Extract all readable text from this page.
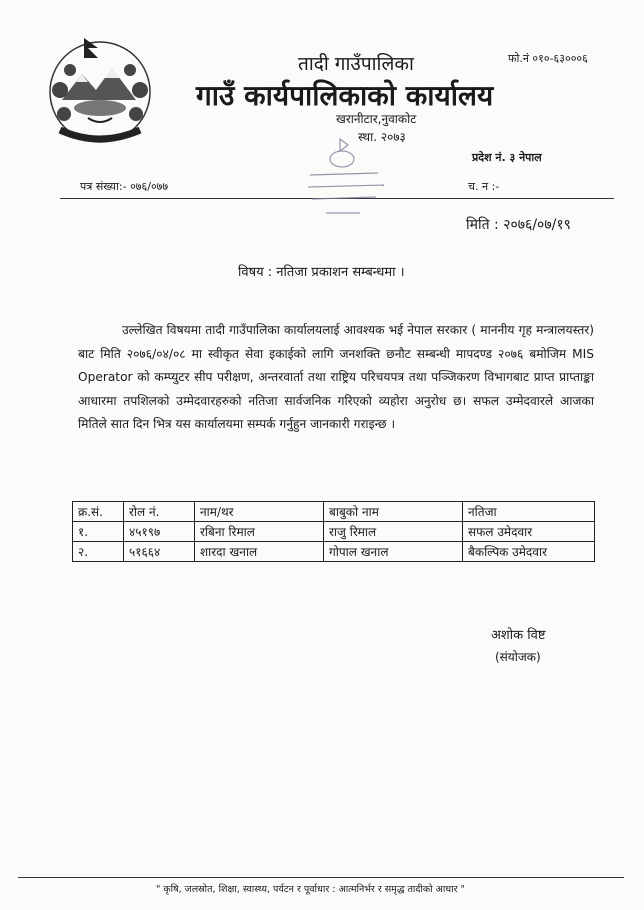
तादी गाउँपालिका
गाउँ कार्यपालिकाको कार्यालय
खरानीटार,नुवाकोट
स्था. २०७३
फो.नं ०१०-६३०००६
प्रदेश नं. ३ नेपाल
पत्र संख्या:- ०७६/०७७	च. न :-
मिति : २०७६/०७/१९
विषय : नतिजा प्रकाशन सम्बन्धमा ।
उल्लेखित विषयमा तादी गाउँपालिका कार्यालयलाई आवश्यक भई नेपाल सरकार ( माननीय गृह मन्त्रालयस्तर) बाट मिति २०७६/०४/०८ मा स्वीकृत सेवा इकाईको लागि जनशक्ति छनौट सम्बन्धी मापदण्ड २०७६ बमोजिम MIS Operator को कम्प्युटर सीप परीक्षण, अन्तरवार्ता तथा राष्ट्रिय परिचयपत्र तथा पञ्जिकरण विभागबाट प्राप्त प्राप्ताङ्का आधारमा तपशिलको उम्मेदवारहरुको नतिजा सार्वजनिक गरिएको व्यहोरा अनुरोध छ। सफल उम्मेदवारले आजका मितिले सात दिन भित्र यस कार्यालयमा सम्पर्क गर्नुहुन जानकारी गराइन्छ ।
क्र.सं.	रोल नं.	नाम/थर	बाबुको नाम	नतिजा
१.	४५१९७	रबिना रिमाल	राजु रिमाल	सफल उमेदवार
२.	५१६६४	शारदा खनाल	गोपाल खनाल	बैकल्पिक उमेदवार
अशोक विष्ट
(संयोजक)
" कृषि, जलस्रोत, शिक्षा, स्वास्थ्य, पर्यटन र पूर्वाधार : आत्मनिर्भर र समृद्ध तादीको आधार "
